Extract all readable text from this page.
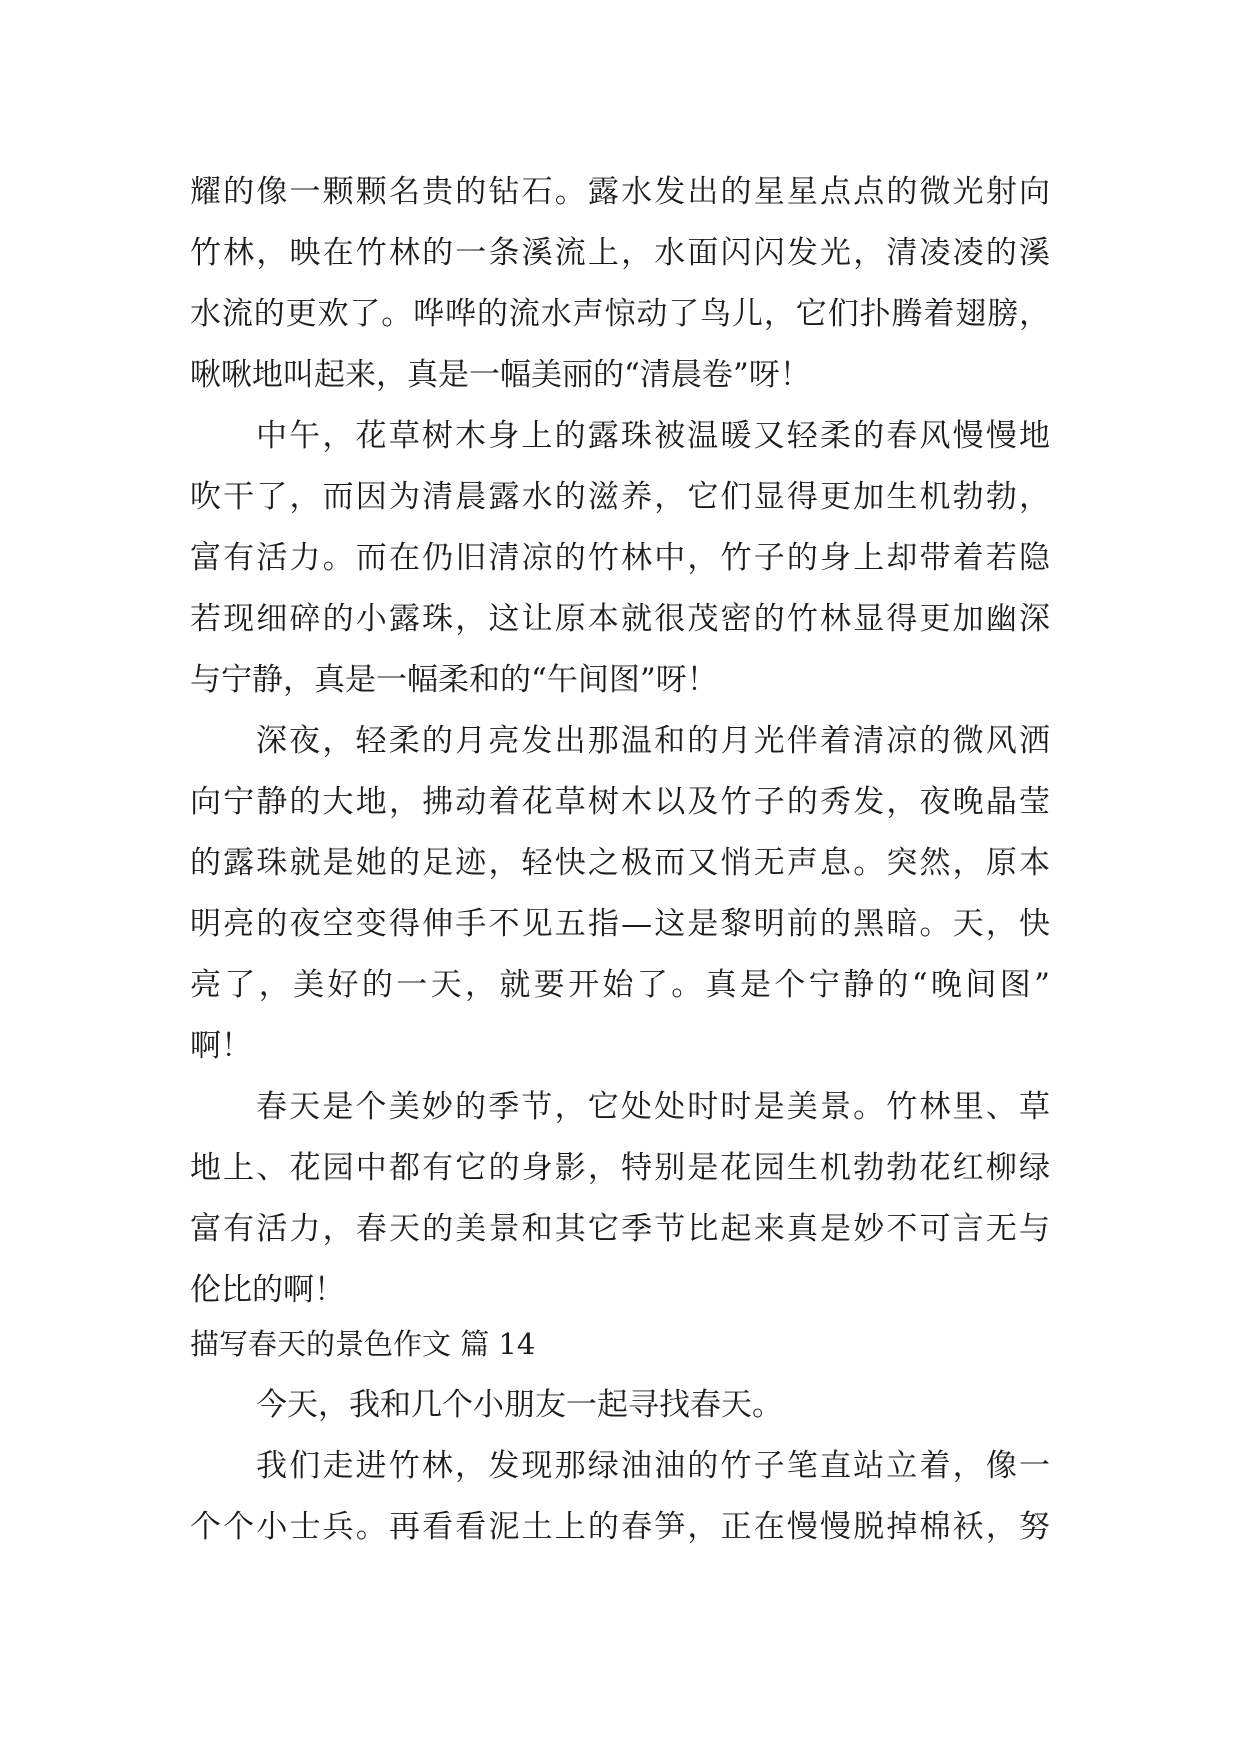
耀的像一颗颗名贵的钻石。露水发出的星星点点的微光射向
竹林，映在竹林的一条溪流上，水面闪闪发光，清凌凌的溪
水流的更欢了。哗哗的流水声惊动了鸟儿，它们扑腾着翅膀，
啾啾地叫起来，真是一幅美丽的“清晨卷”呀！
中午，花草树木身上的露珠被温暖又轻柔的春风慢慢地
吹干了，而因为清晨露水的滋养，它们显得更加生机勃勃，
富有活力。而在仍旧清凉的竹林中，竹子的身上却带着若隐
若现细碎的小露珠，这让原本就很茂密的竹林显得更加幽深
与宁静，真是一幅柔和的“午间图”呀！
深夜，轻柔的月亮发出那温和的月光伴着清凉的微风洒
向宁静的大地，拂动着花草树木以及竹子的秀发，夜晚晶莹
的露珠就是她的足迹，轻快之极而又悄无声息。突然，原本
明亮的夜空变得伸手不见五指—这是黎明前的黑暗。天，快
亮了，美好的一天，就要开始了。真是个宁静的“晚间图”
啊！
春天是个美妙的季节，它处处时时是美景。竹林里、草
地上、花园中都有它的身影，特别是花园生机勃勃花红柳绿
富有活力，春天的美景和其它季节比起来真是妙不可言无与
伦比的啊！
描写春天的景色作文 篇 14
今天，我和几个小朋友一起寻找春天。
我们走进竹林，发现那绿油油的竹子笔直站立着，像一
个个小士兵。再看看泥土上的春笋，正在慢慢脱掉棉袄，努
